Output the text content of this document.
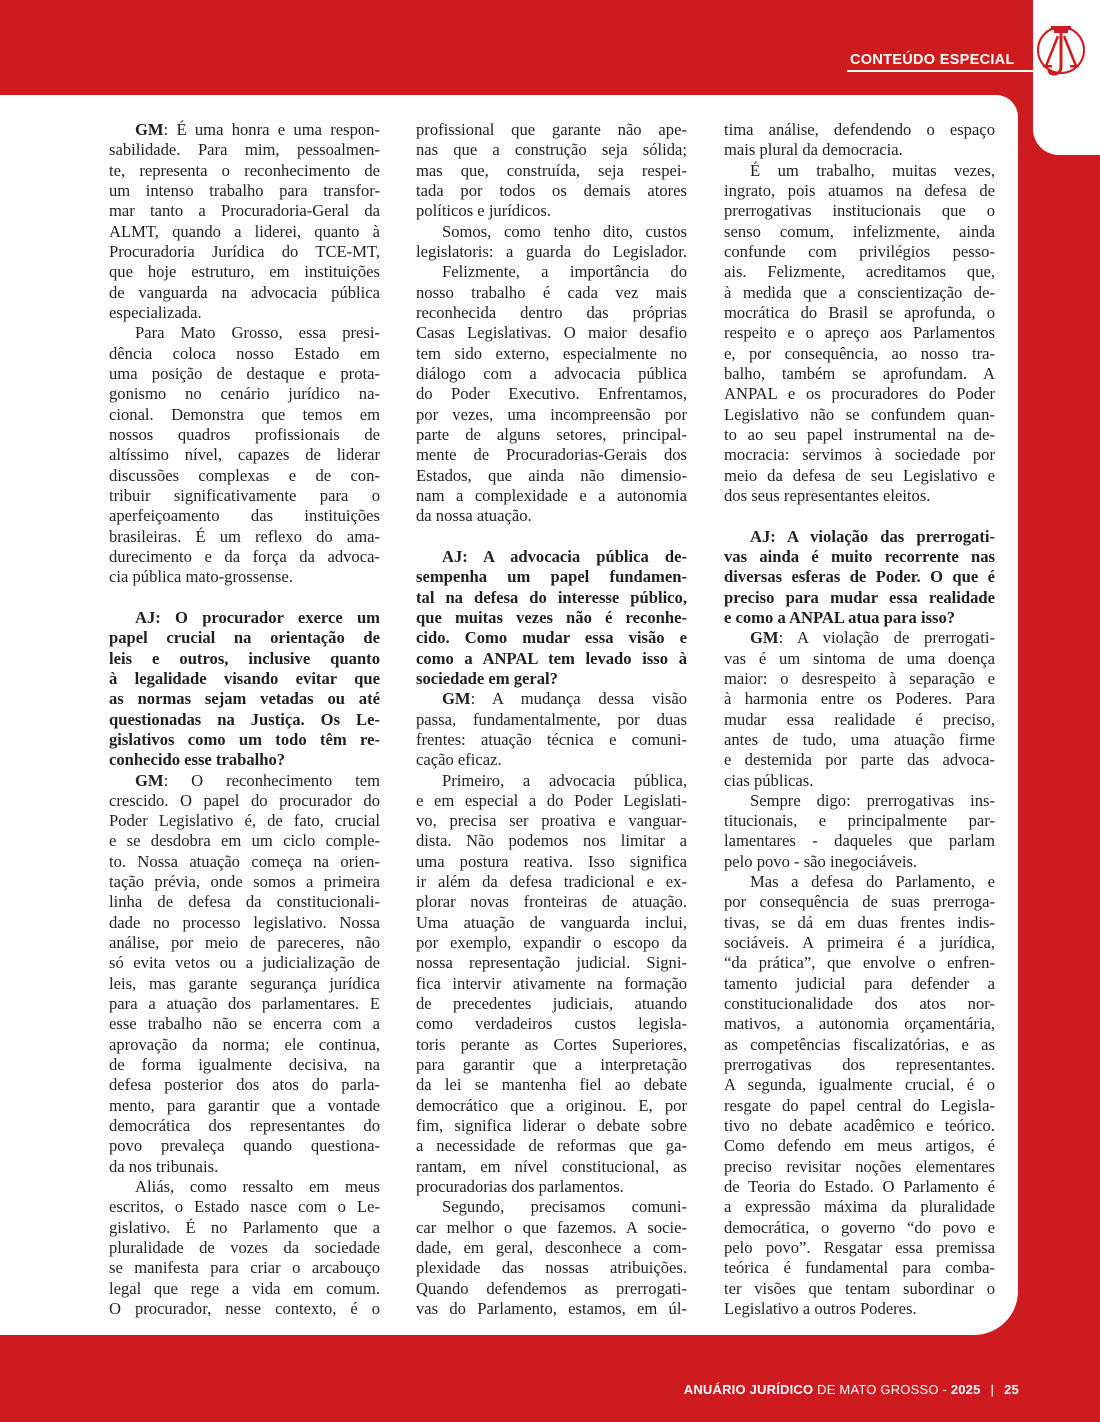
CONTEÚDO ESPECIAL
GM: É uma honra e uma respon-
sabilidade. Para mim, pessoalmen-
te, representa o reconhecimento de
um intenso trabalho para transfor-
mar tanto a Procuradoria-Geral da
ALMT, quando a liderei, quanto à
Procuradoria Jurídica do TCE-MT,
que hoje estruturo, em instituições
de vanguarda na advocacia pública
especializada.
Para Mato Grosso, essa presi-
dência coloca nosso Estado em
uma posição de destaque e prota-
gonismo no cenário jurídico na-
cional. Demonstra que temos em
nossos quadros profissionais de
altíssimo nível, capazes de liderar
discussões complexas e de con-
tribuir significativamente para o
aperfeiçoamento das instituições
brasileiras. É um reflexo do ama-
durecimento e da força da advoca-
cia pública mato-grossense.
AJ: O procurador exerce um
papel crucial na orientação de
leis e outros, inclusive quanto
à legalidade visando evitar que
as normas sejam vetadas ou até
questionadas na Justiça. Os Le-
gislativos como um todo têm re-
conhecido esse trabalho?
GM: O reconhecimento tem
crescido. O papel do procurador do
Poder Legislativo é, de fato, crucial
e se desdobra em um ciclo comple-
to. Nossa atuação começa na orien-
tação prévia, onde somos a primeira
linha de defesa da constitucionali-
dade no processo legislativo. Nossa
análise, por meio de pareceres, não
só evita vetos ou a judicialização de
leis, mas garante segurança jurídica
para a atuação dos parlamentares. E
esse trabalho não se encerra com a
aprovação da norma; ele continua,
de forma igualmente decisiva, na
defesa posterior dos atos do parla-
mento, para garantir que a vontade
democrática dos representantes do
povo prevaleça quando questiona-
da nos tribunais.
Aliás, como ressalto em meus
escritos, o Estado nasce com o Le-
gislativo. É no Parlamento que a
pluralidade de vozes da sociedade
se manifesta para criar o arcabouço
legal que rege a vida em comum.
O procurador, nesse contexto, é o
profissional que garante não ape-
nas que a construção seja sólida;
mas que, construída, seja respei-
tada por todos os demais atores
políticos e jurídicos.
Somos, como tenho dito, custos
legislatoris: a guarda do Legislador.
Felizmente, a importância do
nosso trabalho é cada vez mais
reconhecida dentro das próprias
Casas Legislativas. O maior desafio
tem sido externo, especialmente no
diálogo com a advocacia pública
do Poder Executivo. Enfrentamos,
por vezes, uma incompreensão por
parte de alguns setores, principal-
mente de Procuradorias-Gerais dos
Estados, que ainda não dimensio-
nam a complexidade e a autonomia
da nossa atuação.
AJ: A advocacia pública de-
sempenha um papel fundamen-
tal na defesa do interesse público,
que muitas vezes não é reconhe-
cido. Como mudar essa visão e
como a ANPAL tem levado isso à
sociedade em geral?
GM: A mudança dessa visão
passa, fundamentalmente, por duas
frentes: atuação técnica e comuni-
cação eficaz.
Primeiro, a advocacia pública,
e em especial a do Poder Legislati-
vo, precisa ser proativa e vanguar-
dista. Não podemos nos limitar a
uma postura reativa. Isso significa
ir além da defesa tradicional e ex-
plorar novas fronteiras de atuação.
Uma atuação de vanguarda inclui,
por exemplo, expandir o escopo da
nossa representação judicial. Signi-
fica intervir ativamente na formação
de precedentes judiciais, atuando
como verdadeiros custos legisla-
toris perante as Cortes Superiores,
para garantir que a interpretação
da lei se mantenha fiel ao debate
democrático que a originou. E, por
fim, significa liderar o debate sobre
a necessidade de reformas que ga-
rantam, em nível constitucional, as
procuradorias dos parlamentos.
Segundo, precisamos comuni-
car melhor o que fazemos. A socie-
dade, em geral, desconhece a com-
plexidade das nossas atribuições.
Quando defendemos as prerrogati-
vas do Parlamento, estamos, em úl-
tima análise, defendendo o espaço
mais plural da democracia.
É um trabalho, muitas vezes,
ingrato, pois atuamos na defesa de
prerrogativas institucionais que o
senso comum, infelizmente, ainda
confunde com privilégios pesso-
ais. Felizmente, acreditamos que,
à medida que a conscientização de-
mocrática do Brasil se aprofunda, o
respeito e o apreço aos Parlamentos
e, por consequência, ao nosso tra-
balho, também se aprofundam. A
ANPAL e os procuradores do Poder
Legislativo não se confundem quan-
to ao seu papel instrumental na de-
mocracia: servimos à sociedade por
meio da defesa de seu Legislativo e
dos seus representantes eleitos.
AJ: A violação das prerrogati-
vas ainda é muito recorrente nas
diversas esferas de Poder. O que é
preciso para mudar essa realidade
e como a ANPAL atua para isso?
GM: A violação de prerrogati-
vas é um sintoma de uma doença
maior: o desrespeito à separação e
à harmonia entre os Poderes. Para
mudar essa realidade é preciso,
antes de tudo, uma atuação firme
e destemida por parte das advoca-
cias públicas.
Sempre digo: prerrogativas ins-
titucionais, e principalmente par-
lamentares - daqueles que parlam
pelo povo - são inegociáveis.
Mas a defesa do Parlamento, e
por consequência de suas prerroga-
tivas, se dá em duas frentes indis-
sociáveis. A primeira é a jurídica,
“da prática”, que envolve o enfren-
tamento judicial para defender a
constitucionalidade dos atos nor-
mativos, a autonomia orçamentária,
as competências fiscalizatórias, e as
prerrogativas dos representantes.
A segunda, igualmente crucial, é o
resgate do papel central do Legisla-
tivo no debate acadêmico e teórico.
Como defendo em meus artigos, é
preciso revisitar noções elementares
de Teoria do Estado. O Parlamento é
a expressão máxima da pluralidade
democrática, o governo “do povo e
pelo povo”. Resgatar essa premissa
teórica é fundamental para comba-
ter visões que tentam subordinar o
Legislativo a outros Poderes.
ANUÁRIO JURÍDICO DE MATO GROSSO - 2025 | 25
